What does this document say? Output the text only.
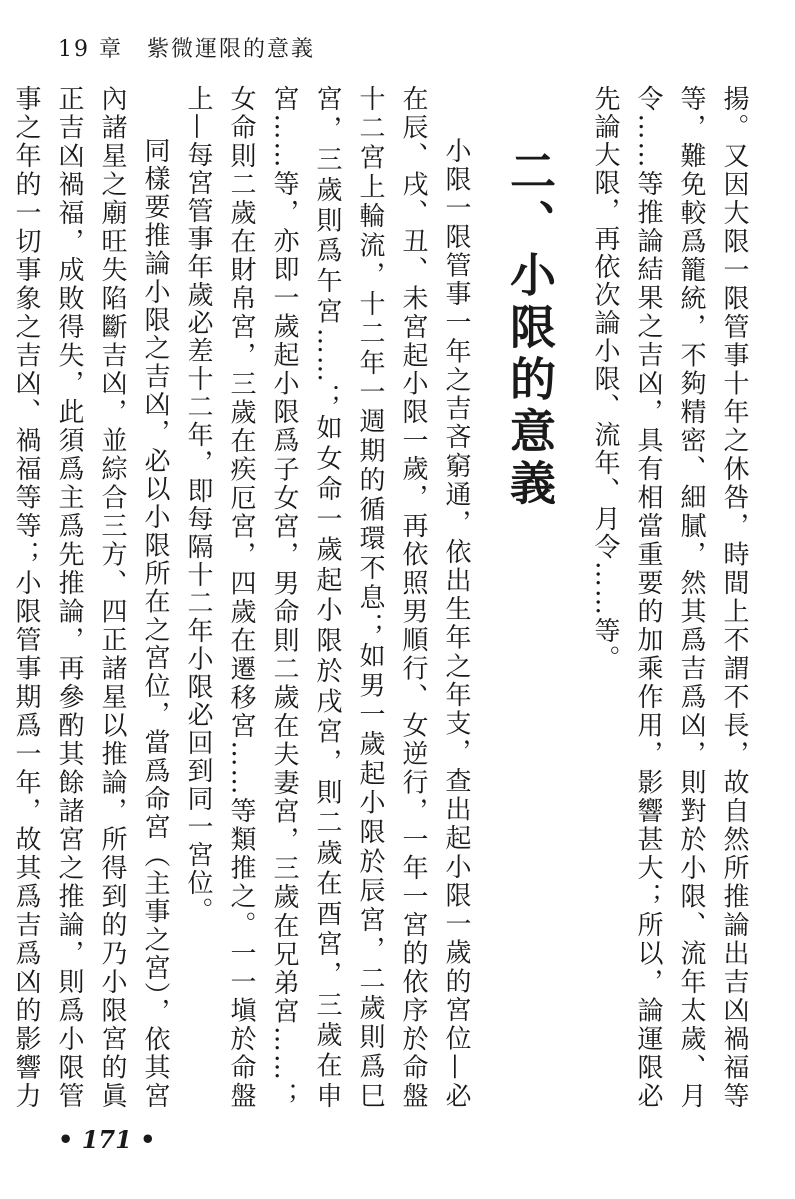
19 章　紫微運限的意義

揚。又因大限一限管事十年之休咎，時間上不謂不長，故自然所推論出吉凶禍福等等，難免較爲籠統，不夠精密、細膩，然其爲吉爲凶，則對於小限、流年太歲、月令……等推論結果之吉凶，具有相當重要的加乘作用，影響甚大；所以，論運限必先論大限，再依次論小限、流年、月令……等。

二、小限的意義

小限一限管事一年之吉吝窮通，依出生年之年支，查出起小限一歲的宮位—必在辰、戌、丑、未宮起小限一歲，再依照男順行、女逆行，一年一宮的依序於命盤十二宮上輪流，十二年一週期的循環不息；如男一歲起小限於辰宮，二歲則爲巳宮，三歲則爲午宮……；如女命一歲起小限於戌宮，則二歲在酉宮，三歲在申宮……等，亦即一歲起小限爲子女宮，男命則二歲在夫妻宮，三歲在兄弟宮……；女命則二歲在財帛宮，三歲在疾厄宮，四歲在遷移宮……等類推之。一一塡於命盤上—每宮管事年歲必差十二年，即每隔十二年小限必回到同一宮位。

同樣要推論小限之吉凶，必以小限所在之宮位，當爲命宮（主事之宮），依其宮內諸星之廟旺失陷斷吉凶，並綜合三方、四正諸星以推論，所得到的乃小限宮的眞正吉凶禍福，成敗得失，此須爲主爲先推論，再參酌其餘諸宮之推論，則爲小限管事之年的一切事象之吉凶、禍福等等；小限管事期爲一年，故其爲吉爲凶的影響力

• 171 •
